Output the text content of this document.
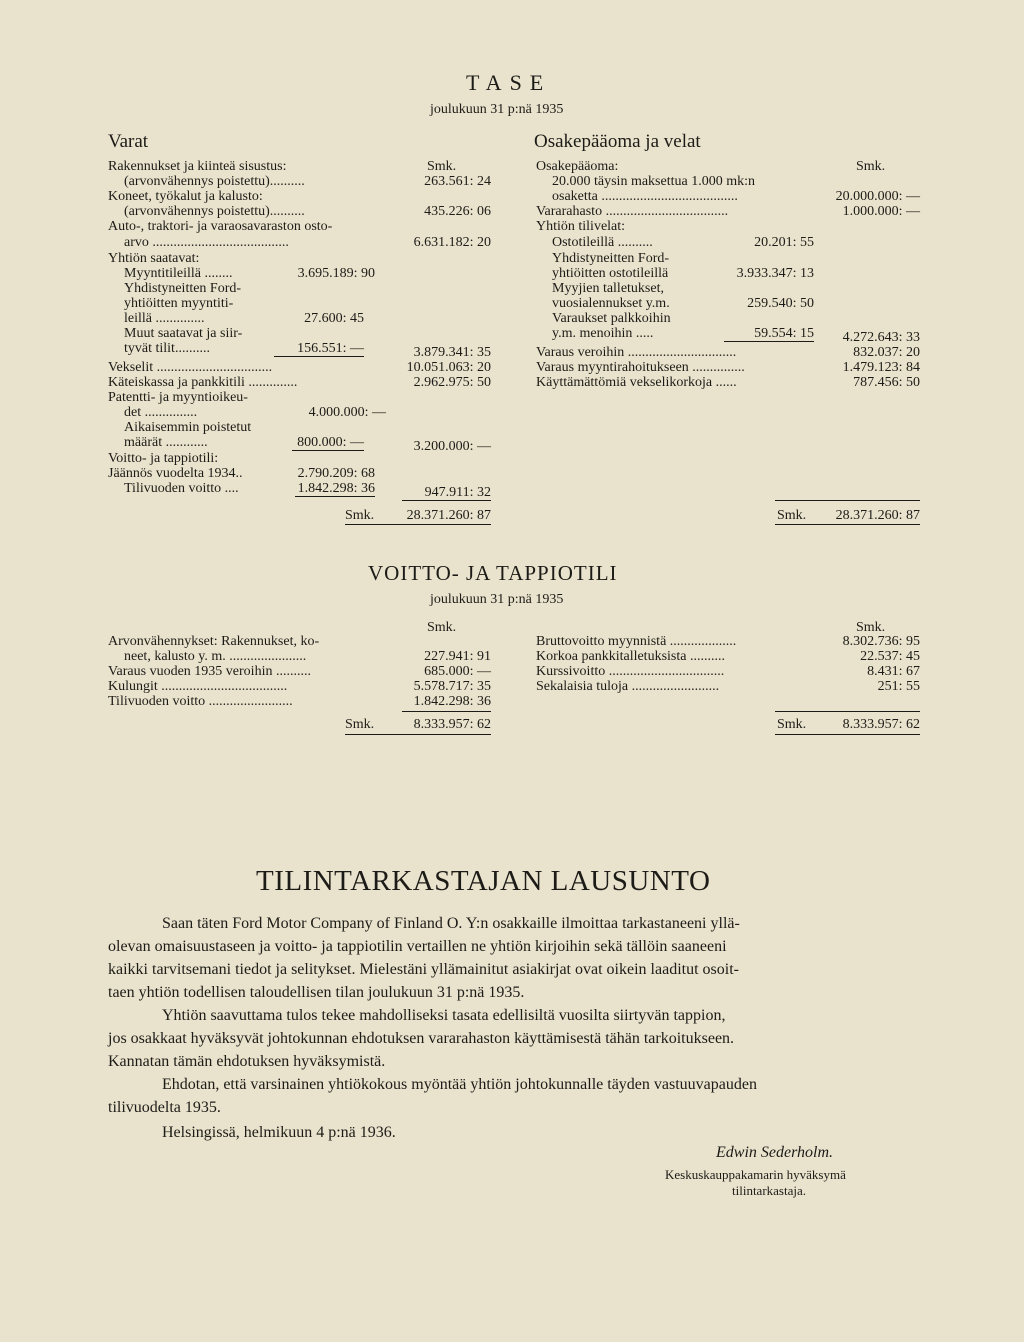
TASE
joulukuun 31 p:nä 1935
Varat	Osakepääoma ja velat
Smk.	Smk.
Rakennukset ja kiinteä sisustus:
(arvonvähennys poistettu)..........	263.561: 24
Koneet, työkalut ja kalusto:
(arvonvähennys poistettu)..........	435.226: 06
Auto-, traktori- ja varaosavaraston osto-
arvo .......................................	6.631.182: 20
Yhtiön saatavat:
Myyntitileillä ........	3.695.189: 90
Yhdistyneitten Ford-
yhtiöitten myyntiti-
leillä ..............	27.600: 45
Muut saatavat ja siir-
tyvät tilit..........	156.551: —	3.879.341: 35
Vekselit .................................	10.051.063: 20
Käteiskassa ja pankkitili ..............	2.962.975: 50
Patentti- ja myyntioikeu-
det ...............	4.000.000: —
Aikaisemmin poistetut
määrät ............	800.000: —	3.200.000: —
Voitto- ja tappiotili:
Jäännös vuodelta 1934..	2.790.209: 68
Tilivuoden voitto ....	1.842.298: 36	947.911: 32
Smk. 28.371.260: 87
Osakepääoma:
20.000 täysin maksettua 1.000 mk:n
osaketta .......................................	20.000.000: —
Vararahasto ...................................	1.000.000: —
Yhtiön tilivelat:
Ostotileillä ..........	20.201: 55
Yhdistyneitten Ford-
yhtiöitten ostotileillä	3.933.347: 13
Myyjien talletukset,
vuosialennukset y.m.	259.540: 50
Varaukset palkkoihin
y.m. menoihin .....	59.554: 15 4.272.643: 33
Varaus veroihin ...............................	832.037: 20
Varaus myyntirahoitukseen ...............	1.479.123: 84
Käyttämättömiä vekselikorkoja ......	787.456: 50
Smk. 28.371.260: 87
VOITTO- JA TAPPIOTILI
joulukuun 31 p:nä 1935
Smk.	Smk.
Arvonvähennykset: Rakennukset, ko-
neet, kalusto y. m. ......................	227.941: 91
Varaus vuoden 1935 veroihin ..........	685.000: —
Kulungit ....................................	5.578.717: 35
Tilivuoden voitto ........................	1.842.298: 36
Smk.	8.333.957: 62
Bruttovoitto myynnistä ...................	8.302.736: 95
Korkoa pankkitalletuksista ..........	22.537: 45
Kurssivoitto .................................	8.431: 67
Sekalaisia tuloja .........................	251: 55
Smk.	8.333.957: 62
TILINTARKASTAJAN LAUSUNTO
Saan täten Ford Motor Company of Finland O. Y:n osakkaille ilmoittaa tarkastaneeni yllä-
olevan omaisuustaseen ja voitto- ja tappiotilin vertaillen ne yhtiön kirjoihin sekä tällöin saaneeni
kaikki tarvitsemani tiedot ja selitykset. Mielestäni yllämainitut asiakirjat ovat oikein laaditut osoit-
taen yhtiön todellisen taloudellisen tilan joulukuun 31 p:nä 1935.
Yhtiön saavuttama tulos tekee mahdolliseksi tasata edellisiltä vuosilta siirtyvän tappion,
jos osakkaat hyväksyvät johtokunnan ehdotuksen vararahaston käyttämisestä tähän tarkoitukseen.
Kannatan tämän ehdotuksen hyväksymistä.
Ehdotan, että varsinainen yhtiökokous myöntää yhtiön johtokunnalle täyden vastuuvapauden
tilivuodelta 1935.
Helsingissä, helmikuun 4 p:nä 1936.
Edwin Sederholm.
Keskuskauppakamarin hyväksymä
tilintarkastaja.
